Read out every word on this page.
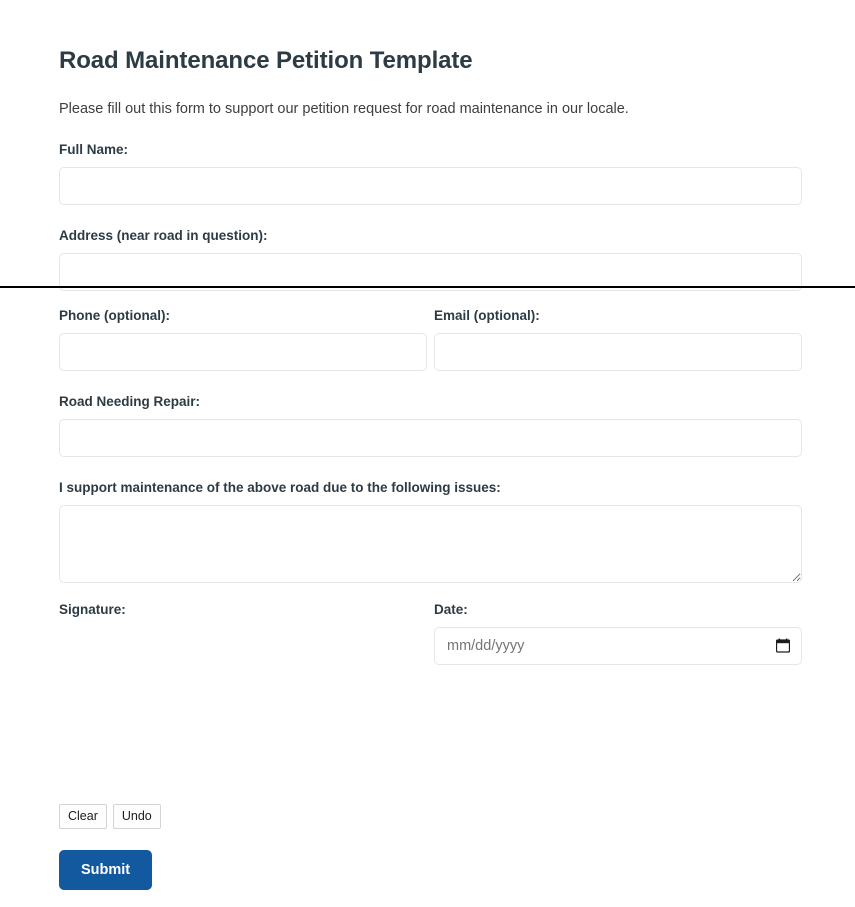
Road Maintenance Petition Template

Please fill out this form to support our petition request for road maintenance in our locale.

Full Name:
Address (near road in question):
Phone (optional):	Email (optional):
Road Needing Repair:
I support maintenance of the above road due to the following issues:
Signature:
Clear	Undo
Submit
Date:
mm/dd/yyyy
